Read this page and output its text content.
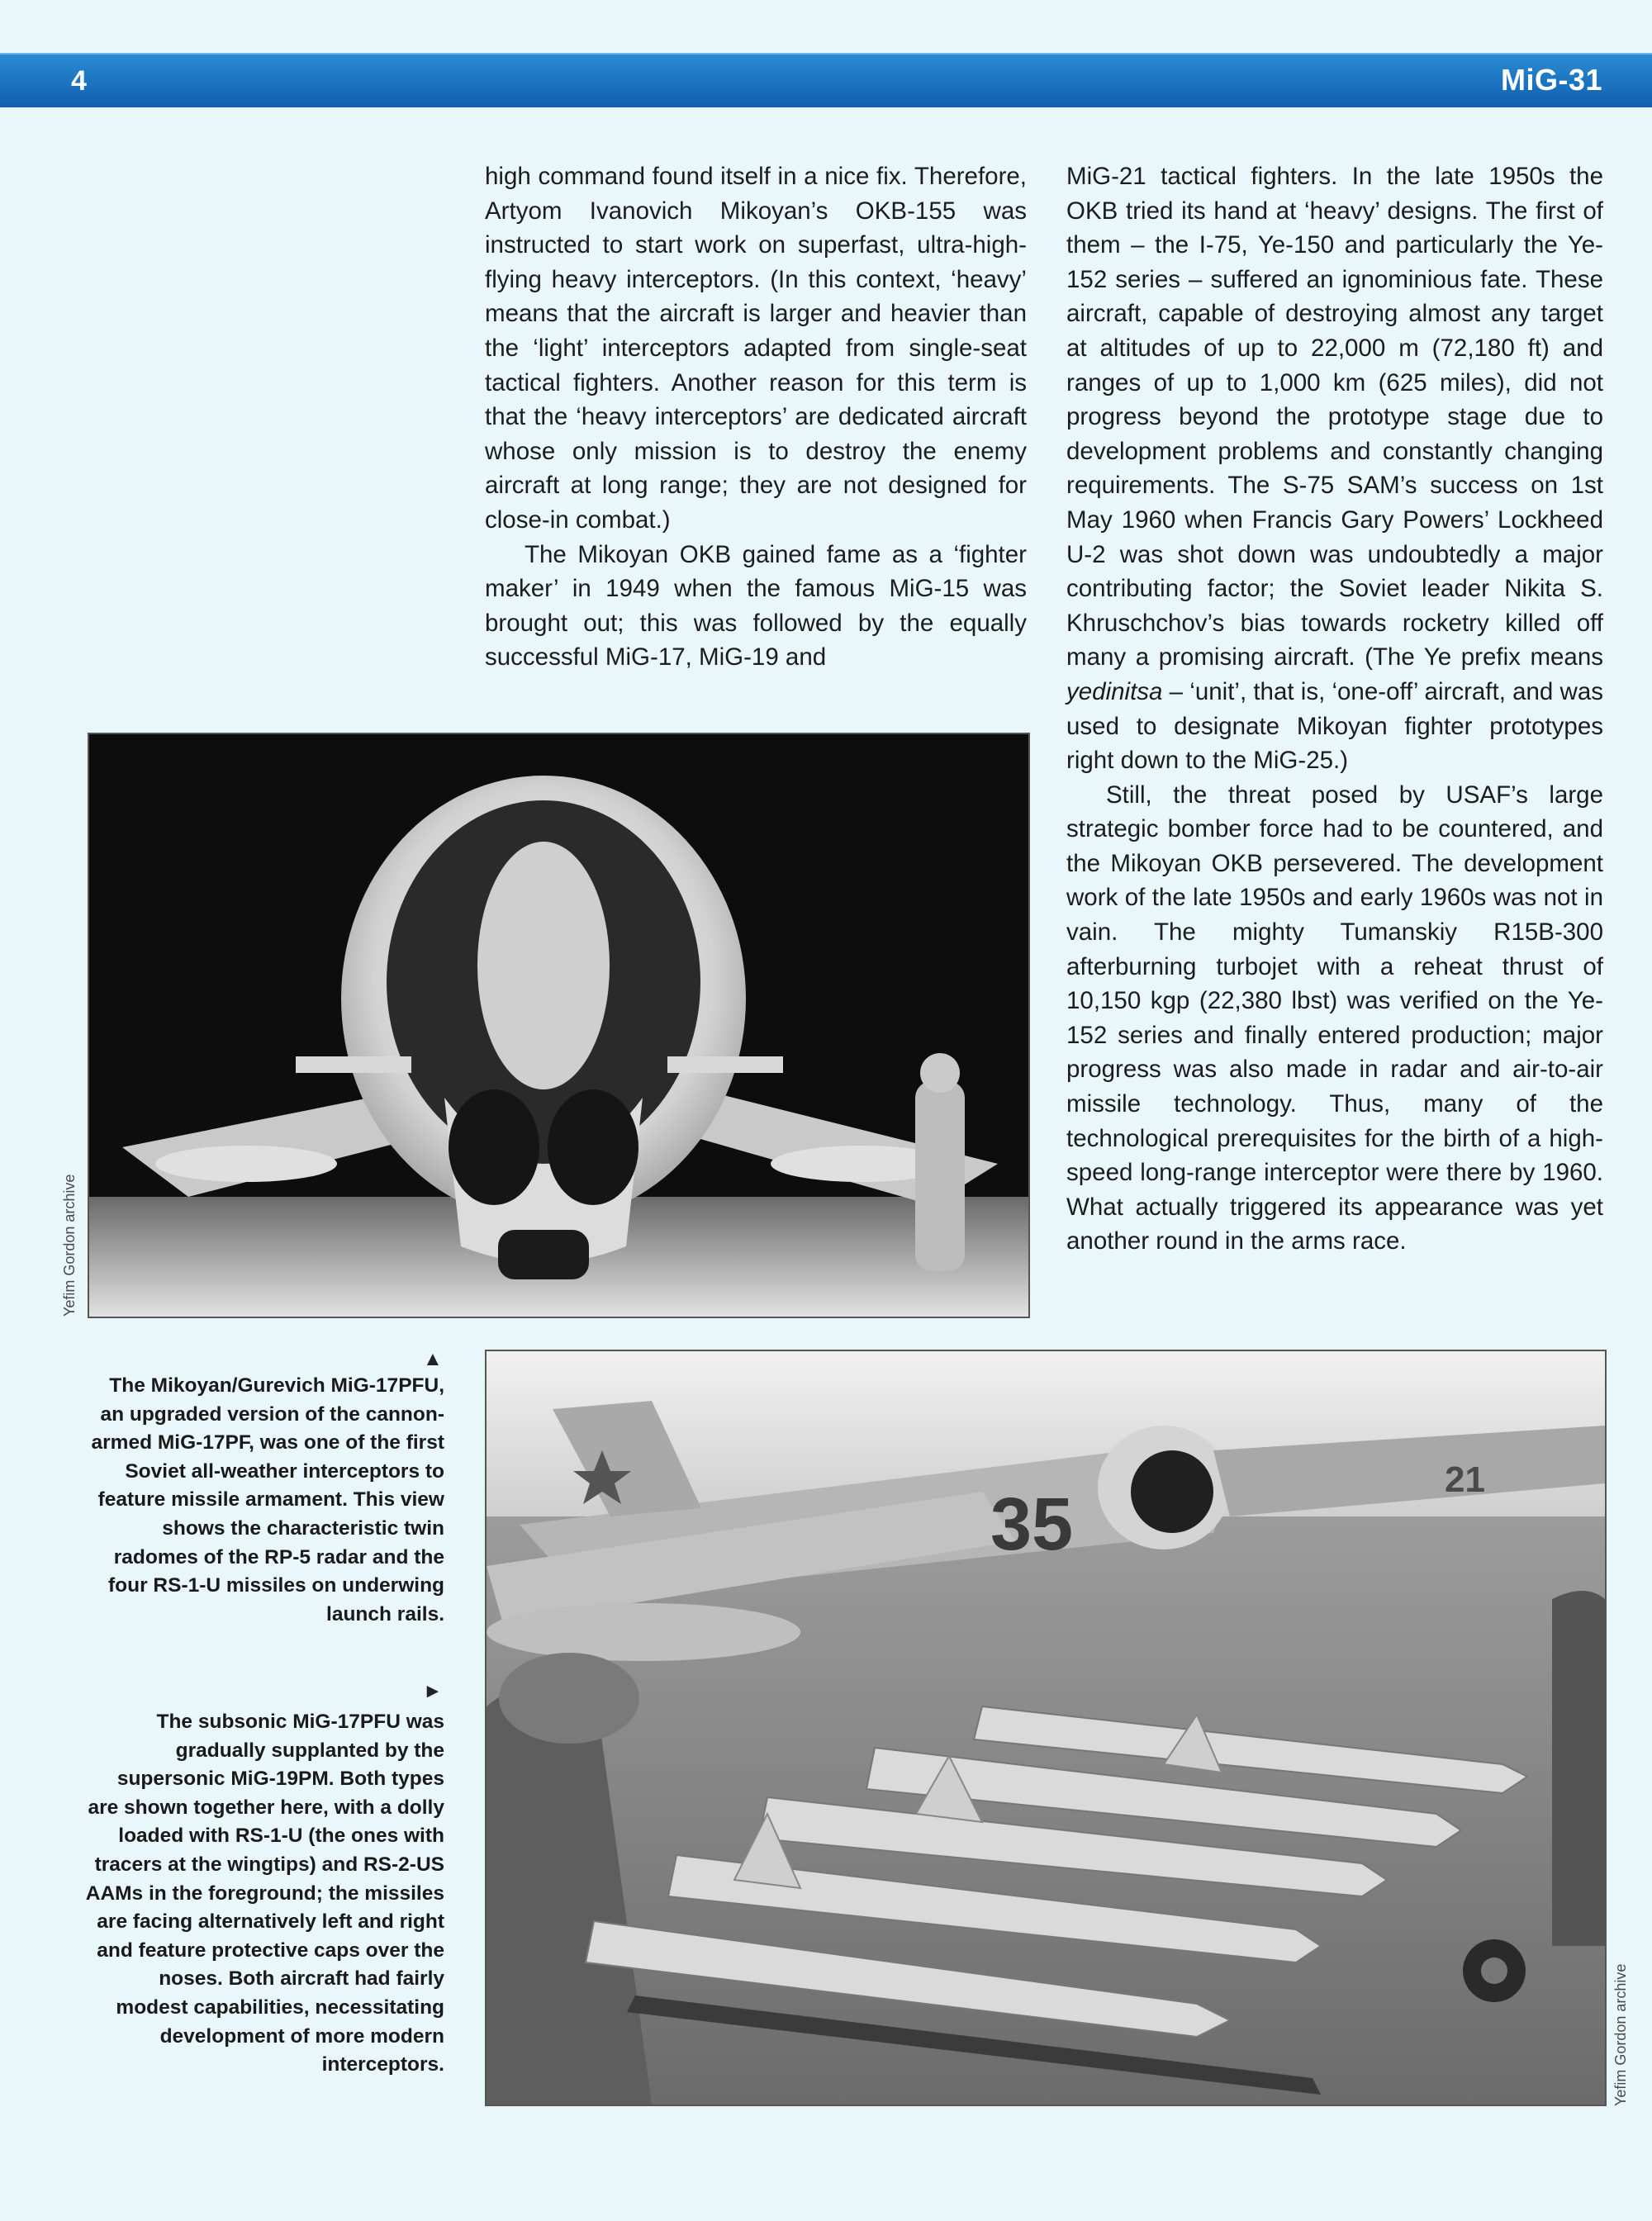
4	MiG-31

high command found itself in a nice fix. Therefore, Artyom Ivanovich Mikoyan’s OKB-155 was instructed to start work on superfast, ultra-high-flying heavy interceptors. (In this context, ‘heavy’ means that the aircraft is larger and heavier than the ‘light’ interceptors adapted from single-seat tactical fighters. Another reason for this term is that the ‘heavy interceptors’ are dedicated aircraft whose only mission is to destroy the enemy aircraft at long range; they are not designed for close-in combat.)

The Mikoyan OKB gained fame as a ‘fighter maker’ in 1949 when the famous MiG-15 was brought out; this was followed by the equally successful MiG-17, MiG-19 and

MiG-21 tactical fighters. In the late 1950s the OKB tried its hand at ‘heavy’ designs. The first of them – the I-75, Ye-150 and particularly the Ye-152 series – suffered an ignominious fate. These aircraft, capable of destroying almost any target at altitudes of up to 22,000 m (72,180 ft) and ranges of up to 1,000 km (625 miles), did not progress beyond the prototype stage due to development problems and constantly changing requirements. The S-75 SAM’s success on 1st May 1960 when Francis Gary Powers’ Lockheed U-2 was shot down was undoubtedly a major contributing factor; the Soviet leader Nikita S. Khruschchov’s bias towards rocketry killed off many a promising aircraft. (The Ye prefix means yedinitsa – ‘unit’, that is, ‘one-off’ aircraft, and was used to designate Mikoyan fighter prototypes right down to the MiG-25.)

Still, the threat posed by USAF’s large strategic bomber force had to be countered, and the Mikoyan OKB persevered. The development work of the late 1950s and early 1960s was not in vain. The mighty Tumanskiy R15B-300 afterburning turbojet with a reheat thrust of 10,150 kgp (22,380 lbst) was verified on the Ye-152 series and finally entered production; major progress was also made in radar and air-to-air missile technology. Thus, many of the technological prerequisites for the birth of a high-speed long-range interceptor were there by 1960. What actually triggered its appearance was yet another round in the arms race.

Yefim Gordon archive
35
21
Yefim Gordon archive
▲
The Mikoyan/Gurevich MiG-17PFU, an upgraded version of the cannon-armed MiG-17PF, was one of the first Soviet all-weather interceptors to feature missile armament. This view shows the characteristic twin radomes of the RP-5 radar and the four RS-1-U missiles on underwing launch rails.
►
The subsonic MiG-17PFU was gradually supplanted by the supersonic MiG-19PM. Both types are shown together here, with a dolly loaded with RS-1-U (the ones with tracers at the wingtips) and RS-2-US AAMs in the foreground; the missiles are facing alternatively left and right and feature protective caps over the noses. Both aircraft had fairly modest capabilities, necessitating development of more modern interceptors.
